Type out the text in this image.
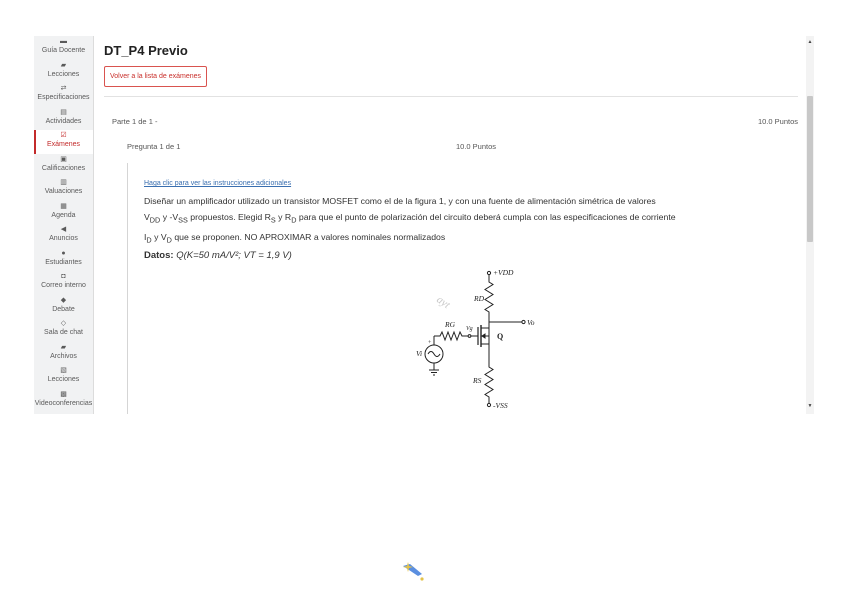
▬
Guía Docente
▰
Lecciones
⇄
Especificaciones
▤
Actividades
☑
Exámenes
▣
Calificaciones
▥
Valuaciones
▦
Agenda
◀
Anuncios
●
Estudiantes
◘
Correo interno
◆
Debate
◇
Sala de chat
▰
Archivos
▧
Lecciones
▩
Videoconferencias
DT_P4 Previo
Volver a la lista de exámenes
Parte 1 de 1 -	10.0 Puntos
Pregunta 1 de 1	10.0 Puntos
Haga clic para ver las instrucciones adicionales
Diseñar un amplificador utilizado un transistor MOSFET como el de la figura 1, y con una fuente de alimentación simétrica de valores
$V_{DD}$ y $-V_{SS}$ propuestos. Elegid $R_S$ y $R_D$ para que el punto de polarización del circuito deberá cumpla con las especificaciones de corriente
$I_D$ y $V_D$ que se proponen. NO APROXIMAR a valores nominales normalizados
Datos: Q(K=50 mA/V²; VT = 1,9 V)
+VDD
RD
Vo
Q
Vg
RG
+
Vi
RS
-VSS
ayt
▲
▼
